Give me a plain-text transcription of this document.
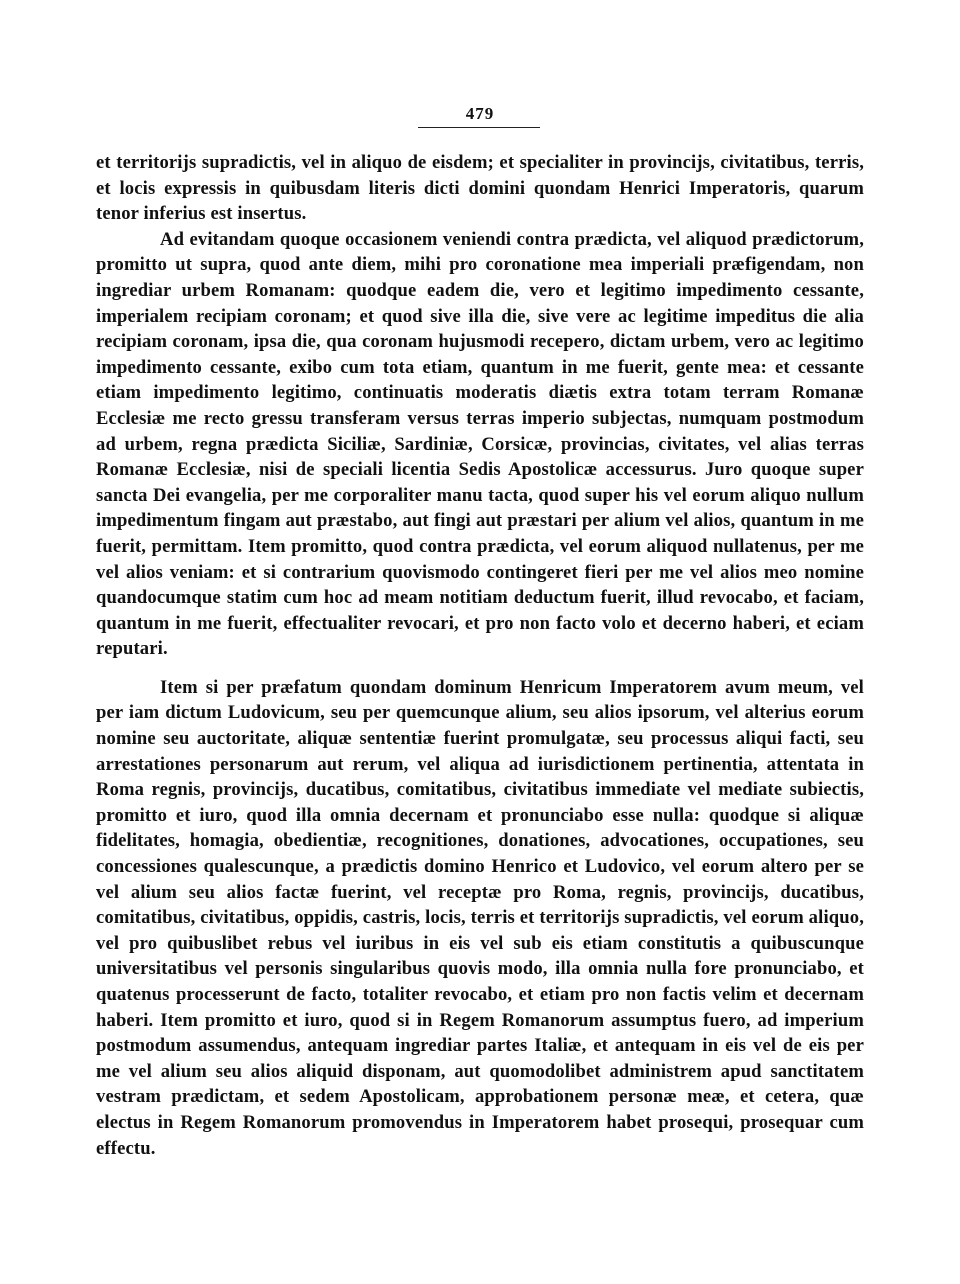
479

et territorijs supradictis, vel in aliquo de eisdem; et specialiter in provincijs, civitatibus, terris, et locis expressis in quibusdam literis dicti domini quondam Henrici Imperatoris, quarum tenor inferius est insertus.

Ad evitandam quoque occasionem veniendi contra prædicta, vel aliquod prædictorum, promitto ut supra, quod ante diem, mihi pro coronatione mea imperiali præfigendam, non ingrediar urbem Romanam: quodque eadem die, vero et legitimo impedimento cessante, imperialem recipiam coronam; et quod sive illa die, sive vere ac legitime impeditus die alia recipiam coronam, ipsa die, qua coronam hujusmodi recepero, dictam urbem, vero ac legitimo impedimento cessante, exibo cum tota etiam, quantum in me fuerit, gente mea: et cessante etiam impedimento legitimo, continuatis moderatis diætis extra totam terram Romanæ Ecclesiæ me recto gressu transferam versus terras imperio subjectas, numquam postmodum ad urbem, regna prædicta Siciliæ, Sardiniæ, Corsicæ, provincias, civitates, vel alias terras Romanæ Ecclesiæ, nisi de speciali licentia Sedis Apostolicæ accessurus. Juro quoque super sancta Dei evangelia, per me corporaliter manu tacta, quod super his vel eorum aliquo nullum impedimentum fingam aut præstabo, aut fingi aut præstari per alium vel alios, quantum in me fuerit, permittam. Item promitto, quod contra prædicta, vel eorum aliquod nullatenus, per me vel alios veniam: et si contrarium quovismodo contingeret fieri per me vel alios meo nomine quandocumque statim cum hoc ad meam notitiam deductum fuerit, illud revocabo, et faciam, quantum in me fuerit, effectualiter revocari, et pro non facto volo et decerno haberi, et eciam reputari.

Item si per præfatum quondam dominum Henricum Imperatorem avum meum, vel per iam dictum Ludovicum, seu per quemcunque alium, seu alios ipsorum, vel alterius eorum nomine seu auctoritate, aliquæ sententiæ fuerint promulgatæ, seu processus aliqui facti, seu arrestationes personarum aut rerum, vel aliqua ad iurisdictionem pertinentia, attentata in Roma regnis, provincijs, ducatibus, comitatibus, civitatibus immediate vel mediate subiectis, promitto et iuro, quod illa omnia decernam et pronunciabo esse nulla: quodque si aliquæ fidelitates, homagia, obedientiæ, recognitiones, donationes, advocationes, occupationes, seu concessiones qualescunque, a prædictis domino Henrico et Ludovico, vel eorum altero per se vel alium seu alios factæ fuerint, vel receptæ pro Roma, regnis, provincijs, ducatibus, comitatibus, civitatibus, oppidis, castris, locis, terris et territorijs supradictis, vel eorum aliquo, vel pro quibuslibet rebus vel iuribus in eis vel sub eis etiam constitutis a quibuscunque universitatibus vel personis singularibus quovis modo, illa omnia nulla fore pronunciabo, et quatenus processerunt de facto, totaliter revocabo, et etiam pro non factis velim et decernam haberi. Item promitto et iuro, quod si in Regem Romanorum assumptus fuero, ad imperium postmodum assumendus, antequam ingrediar partes Italiæ, et antequam in eis vel de eis per me vel alium seu alios aliquid disponam, aut quomodolibet administrem apud sanctitatem vestram prædictam, et sedem Apostolicam, approbationem personæ meæ, et cetera, quæ electus in Regem Romanorum promovendus in Imperatorem habet prosequi, prosequar cum effectu.
